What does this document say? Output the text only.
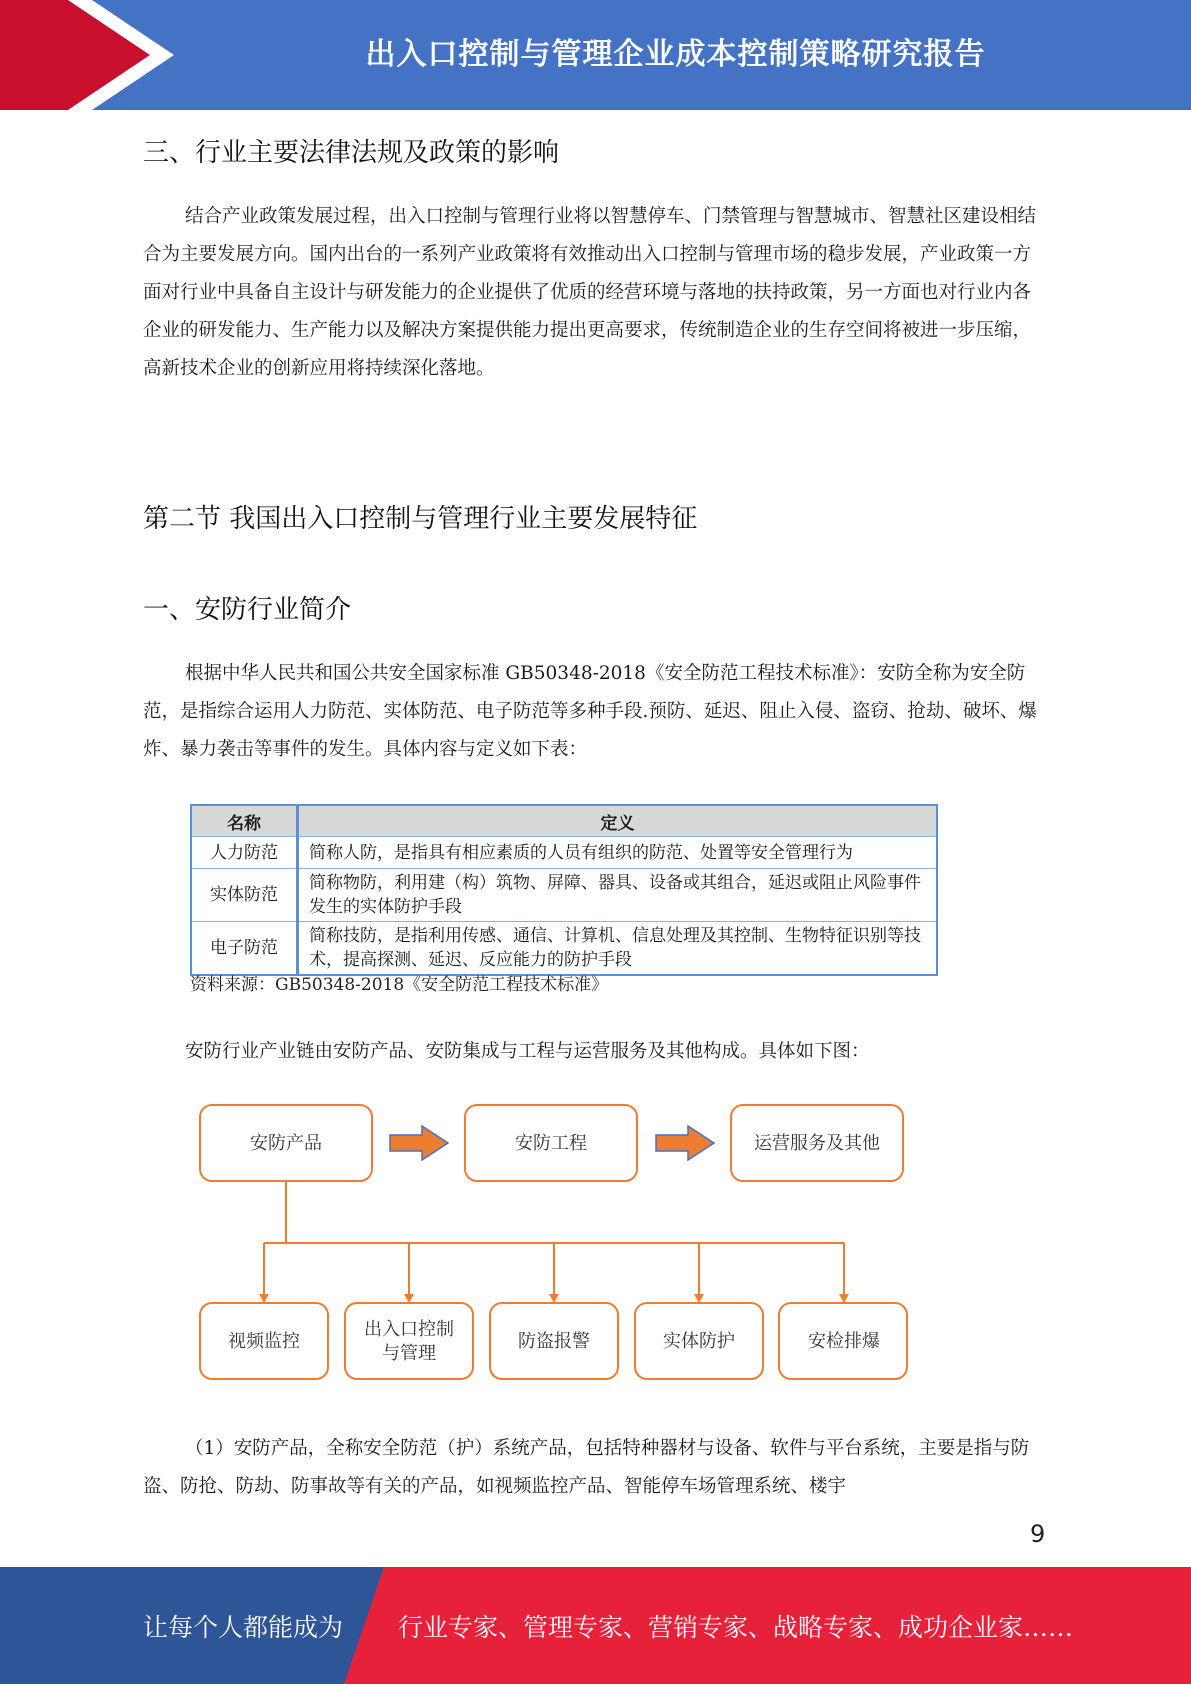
出入口控制与管理企业成本控制策略研究报告
三、行业主要法律法规及政策的影响

结合产业政策发展过程，出入口控制与管理行业将以智慧停车、门禁管理与智慧城市、智慧社区建设相结合为主要发展方向。国内出台的一系列产业政策将有效推动出入口控制与管理市场的稳步发展，产业政策一方面对行业中具备自主设计与研发能力的企业提供了优质的经营环境与落地的扶持政策，另一方面也对行业内各企业的研发能力、生产能力以及解决方案提供能力提出更高要求，传统制造企业的生存空间将被进一步压缩，高新技术企业的创新应用将持续深化落地。

第二节 我国出入口控制与管理行业主要发展特征
一、安防行业简介

根据中华人民共和国公共安全国家标准 GB50348-2018《安全防范工程技术标准》：安防全称为安全防范，是指综合运用人力防范、实体防范、电子防范等多种手段.预防、延迟、阻止入侵、盗窃、抢劫、破坏、爆炸、暴力袭击等事件的发生。具体内容与定义如下表：

名称	定义
人力防范	简称人防，是指具有相应素质的人员有组织的防范、处置等安全管理行为
实体防范	简称物防，利用建（构）筑物、屏障、器具、设备或其组合，延迟或阻止风险事件发生的实体防护手段
电子防范	简称技防，是指利用传感、通信、计算机、信息处理及其控制、生物特征识别等技术，提高探测、延迟、反应能力的防护手段
资料来源：GB50348-2018《安全防范工程技术标准》

安防行业产业链由安防产品、安防集成与工程与运营服务及其他构成。具体如下图：

安防产品	安防工程	运营服务及其他
视频监控
出入口控制
与管理
防盗报警	实体防护	安检排爆

（1）安防产品，全称安全防范（护）系统产品，包括特种器材与设备、软件与平台系统，主要是指与防盗、防抢、防劫、防事故等有关的产品，如视频监控产品、智能停车场管理系统、楼宇

9
让每个人都能成为 行业专家、管理专家、营销专家、战略专家、成功企业家……
